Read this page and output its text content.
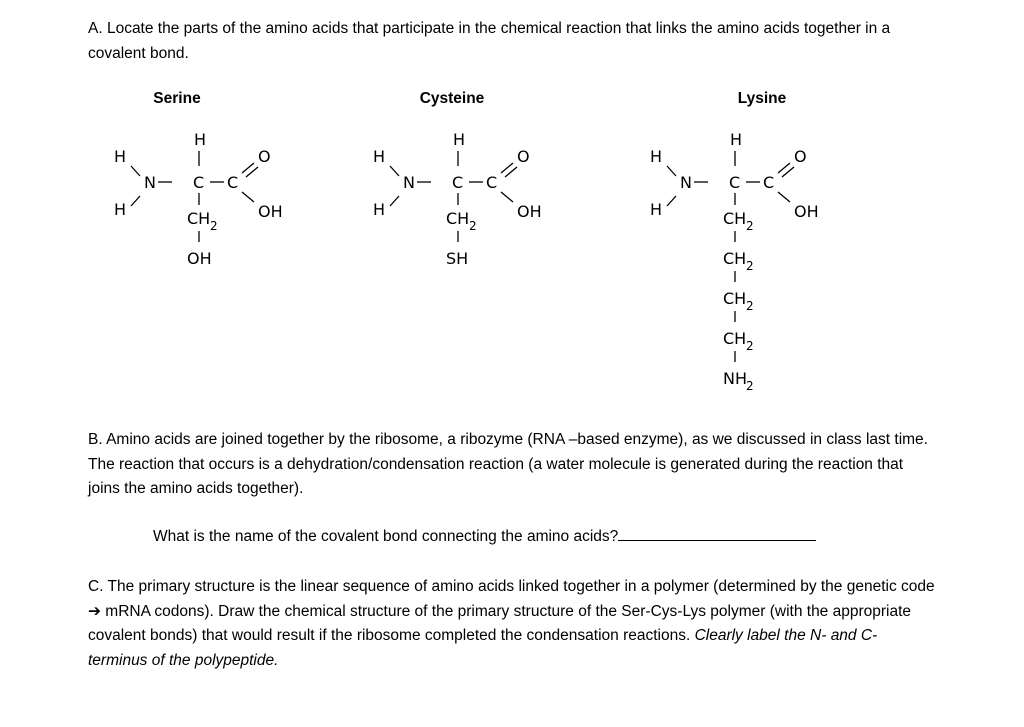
A. Locate the parts of the amino acids that participate in the chemical reaction that links the amino acids together in a covalent bond.

Serine	Cysteine	Lysine
H
N
H
H
C C
O
OH
CH 2
OH
H
N
H
H
C C
O
OH
CH 2
SH
H
N
H
H
C C
O
OH
CH 2
CH 2
CH 2
CH 2
NH 2

B. Amino acids are joined together by the ribosome, a ribozyme (RNA –based enzyme), as we discussed in class last time. The reaction that occurs is a dehydration/condensation reaction (a water molecule is generated during the reaction that joins the amino acids together).

What is the name of the covalent bond connecting the amino acids?

C. The primary structure is the linear sequence of amino acids linked together in a polymer (determined by the genetic code ➔ mRNA codons). Draw the chemical structure of the primary structure of the Ser-Cys-Lys polymer (with the appropriate covalent bonds) that would result if the ribosome completed the condensation reactions. Clearly label the N- and C- terminus of the polypeptide.
